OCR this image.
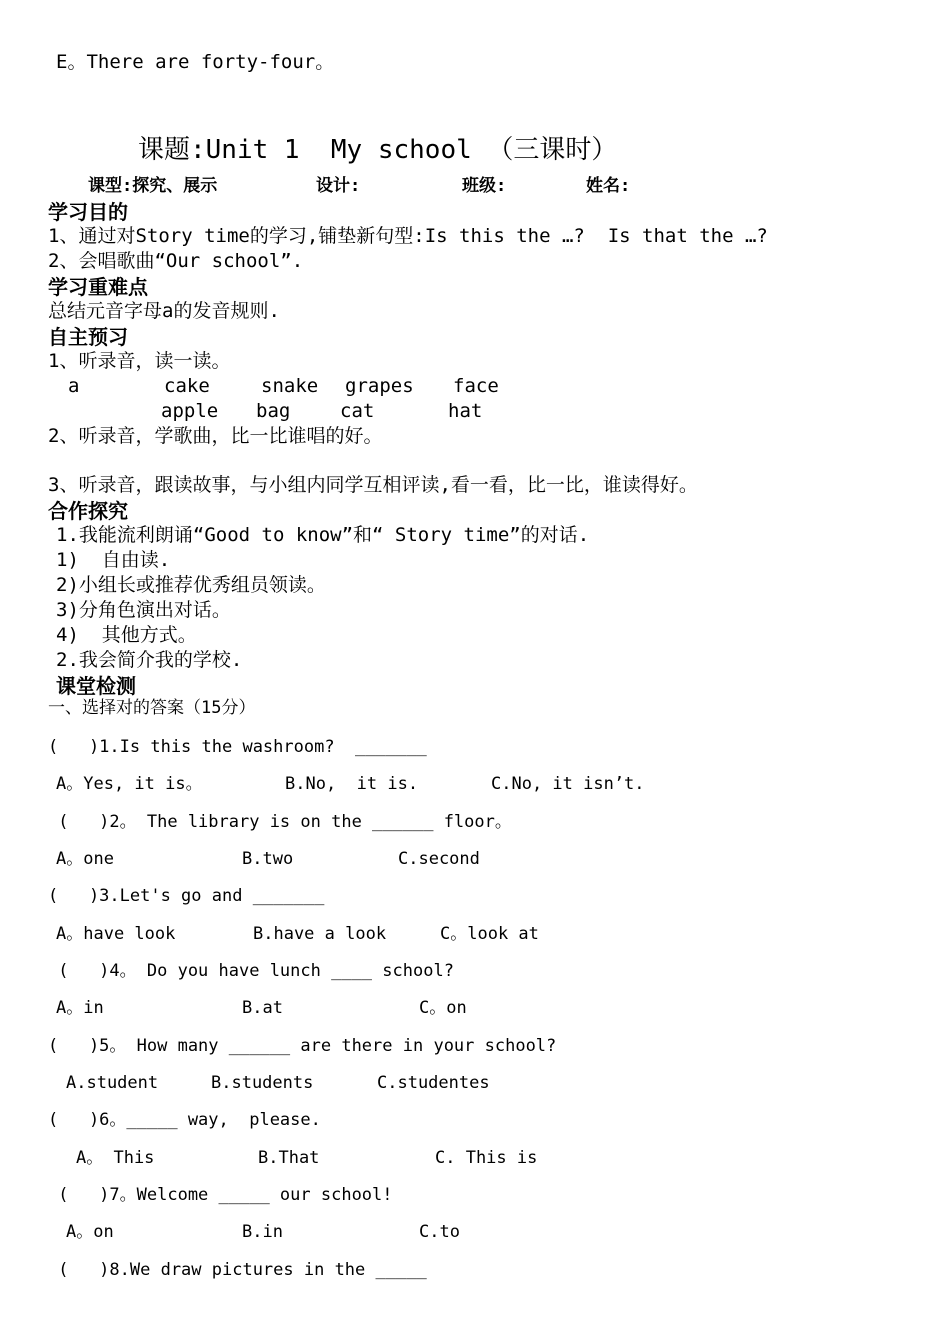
E。There are forty-four。
课题:Unit 1  My school （三课时）
课型:探究、展示	设计:	班级:	姓名:
学习目的
1、通过对Story time的学习,铺垫新句型:Is this the …?  Is that the …?
2、会唱歌曲“Our school”.
学习重难点
总结元音字母a的发音规则.
自主预习
1、听录音，读一读。
a	cake	snake grapes face
apple bag	cat	hat
2、听录音，学歌曲，比一比谁唱的好。
3、听录音，跟读故事，与小组内同学互相评读,看一看，比一比，谁读得好。
合作探究
1.我能流利朗诵“Good to know”和“ Story time”的对话.
1)  自由读.
2)小组长或推荐优秀组员领读。
3)分角色演出对话。
4)  其他方式。
2.我会简介我的学校.
课堂检测
一、选择对的答案（15分）
(   )1.Is this the washroom?  _______
A。Yes, it is。	B.No,  it is.	C.No, it isn’t.
(   )2。 The library is on the ______ floor。
A。one	B.two	C.second
(   )3.Let's go and _______
A。have look	B.have a look	C。look at
(   )4。 Do you have lunch ____ school?
A。in	B.at	C。on
(   )5。 How many ______ are there in your school?
A.student	B.students	C.studentes
(   )6。_____ way,  please.
A。 This	B.That	C. This is
(   )7。Welcome _____ our school!
A。on	B.in	C.to
(   )8.We draw pictures in the _____
